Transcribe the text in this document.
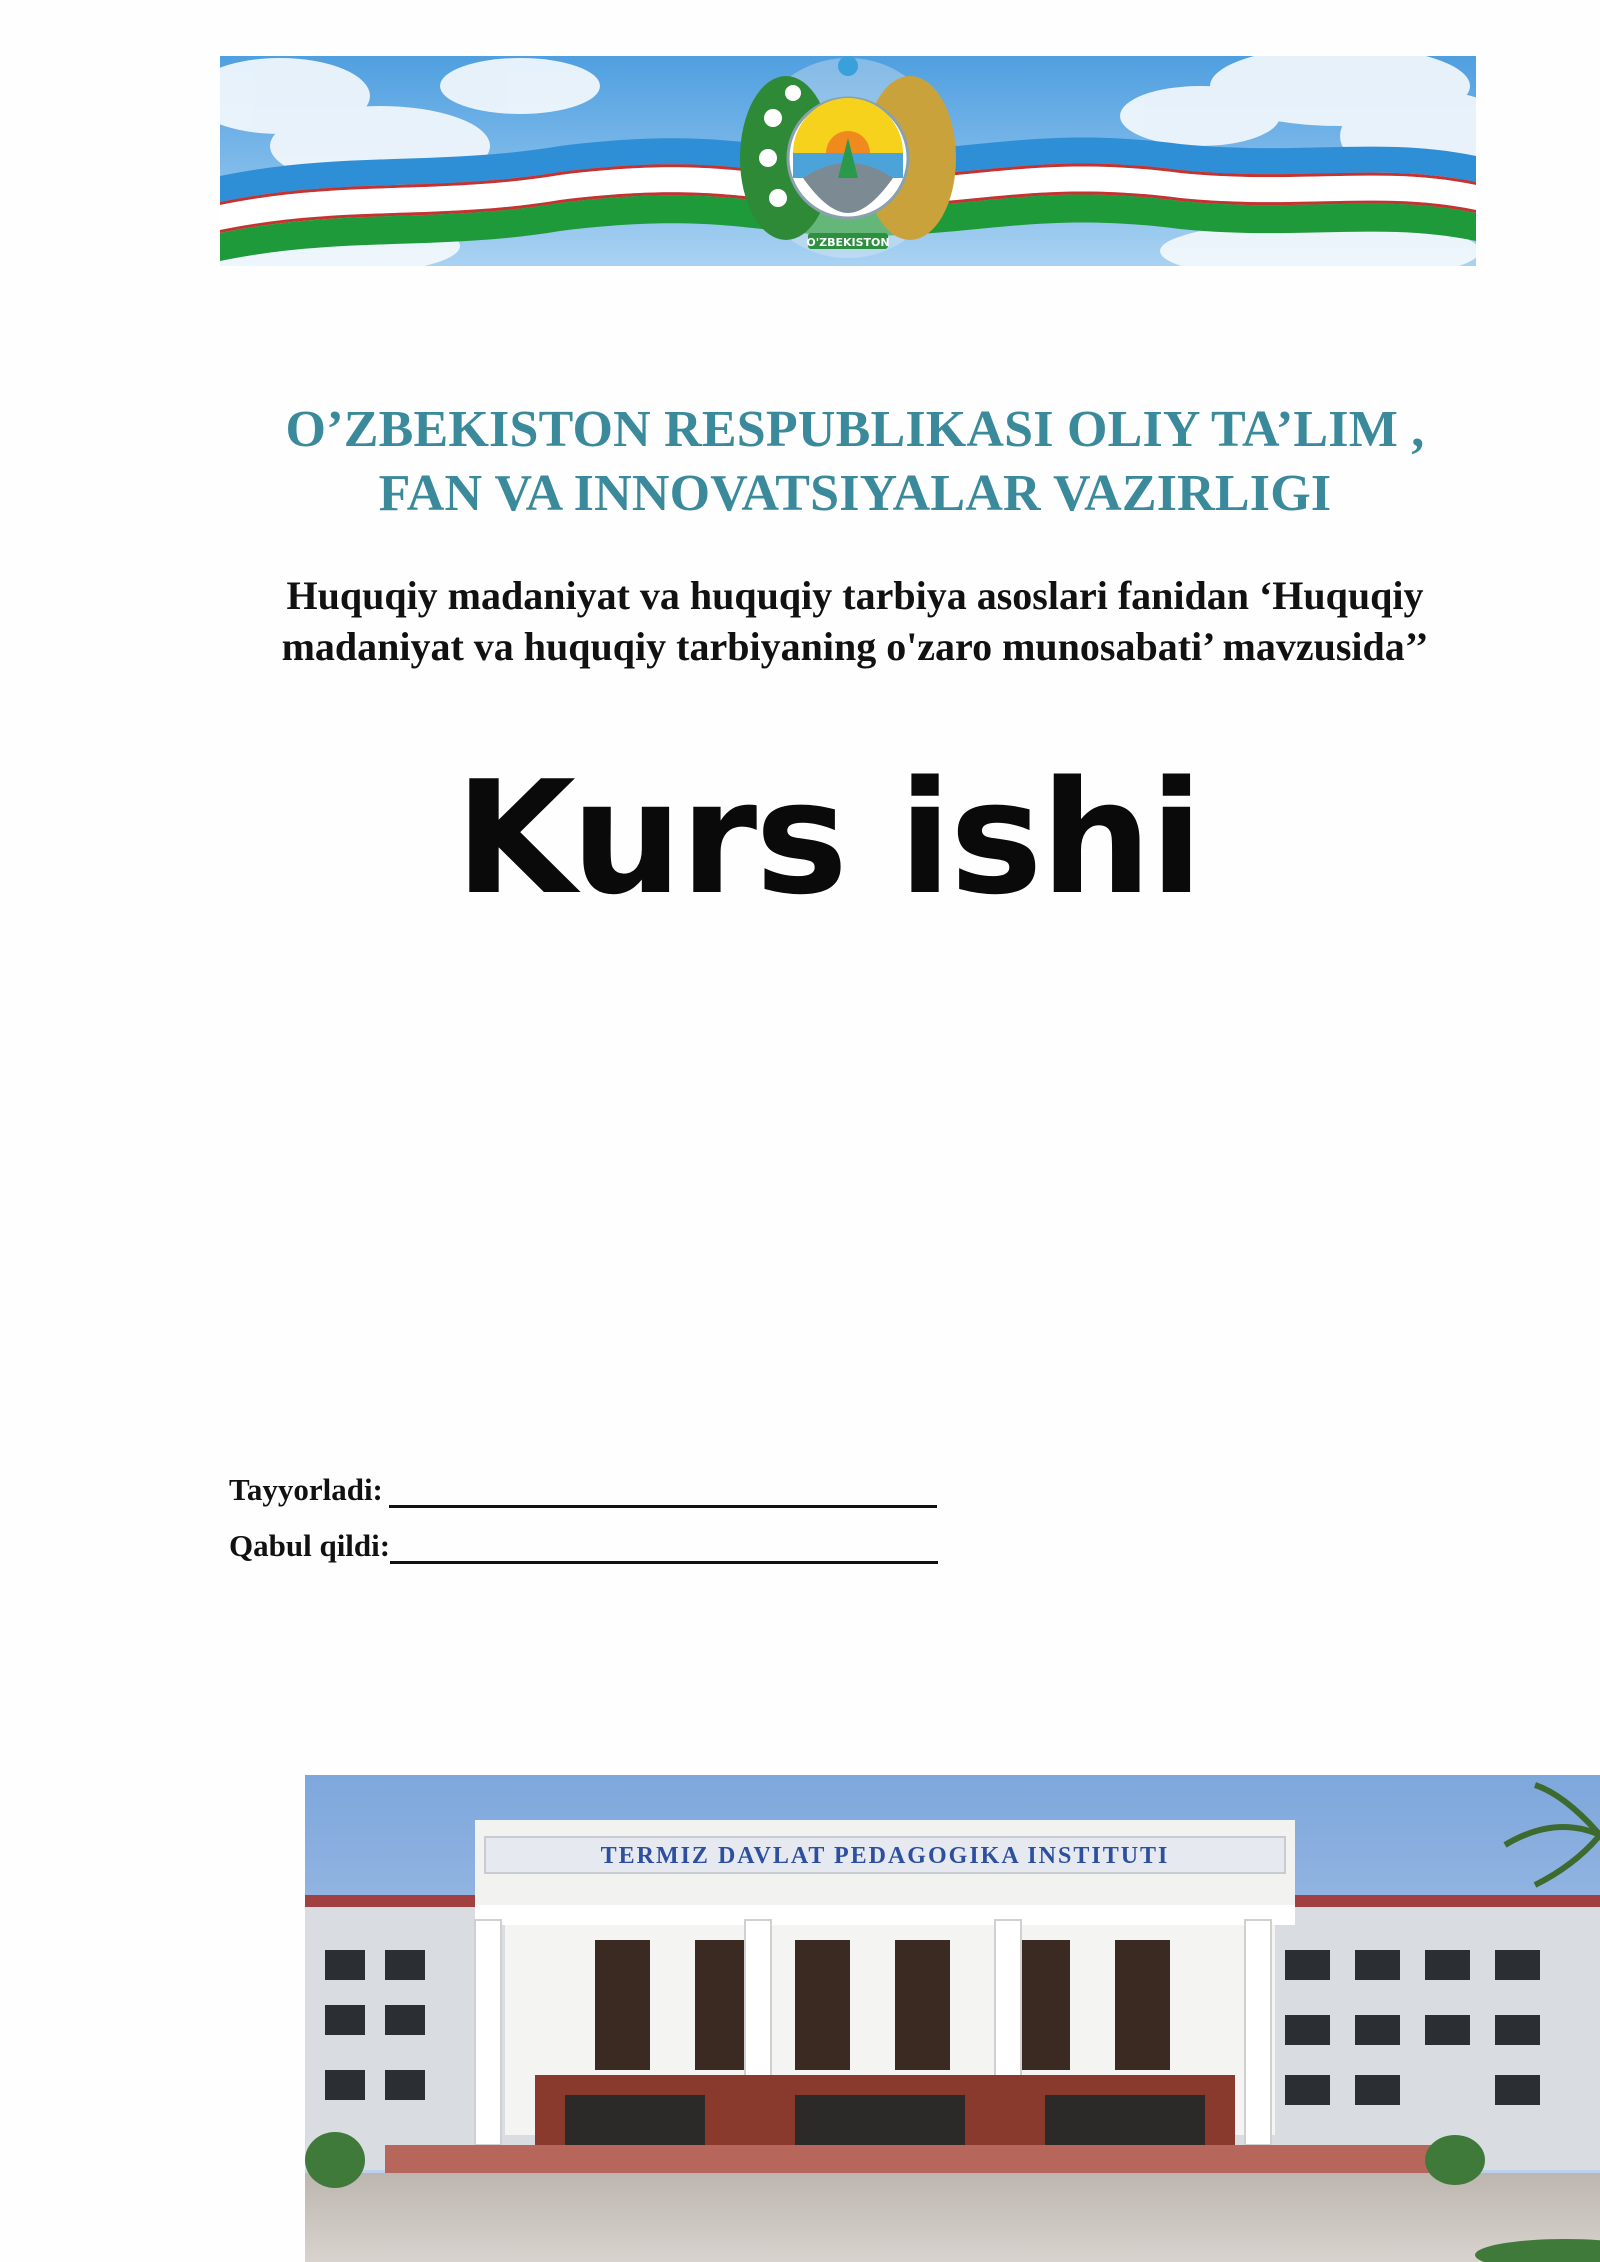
O'ZBEKISTON
O’ZBEKISTON RESPUBLIKASI OLIY TA’LIM ,
FAN VA INNOVATSIYALAR VAZIRLIGI
Huquqiy madaniyat va huquqiy tarbiya asoslari fanidan ‘Huquqiy
madaniyat va huquqiy tarbiyaning o'zaro munosabati’ mavzusida’’
Kurs ishi
Tayyorladi:
Qabul qildi:
TERMIZ DAVLAT PEDAGOGIKA INSTITUTI
